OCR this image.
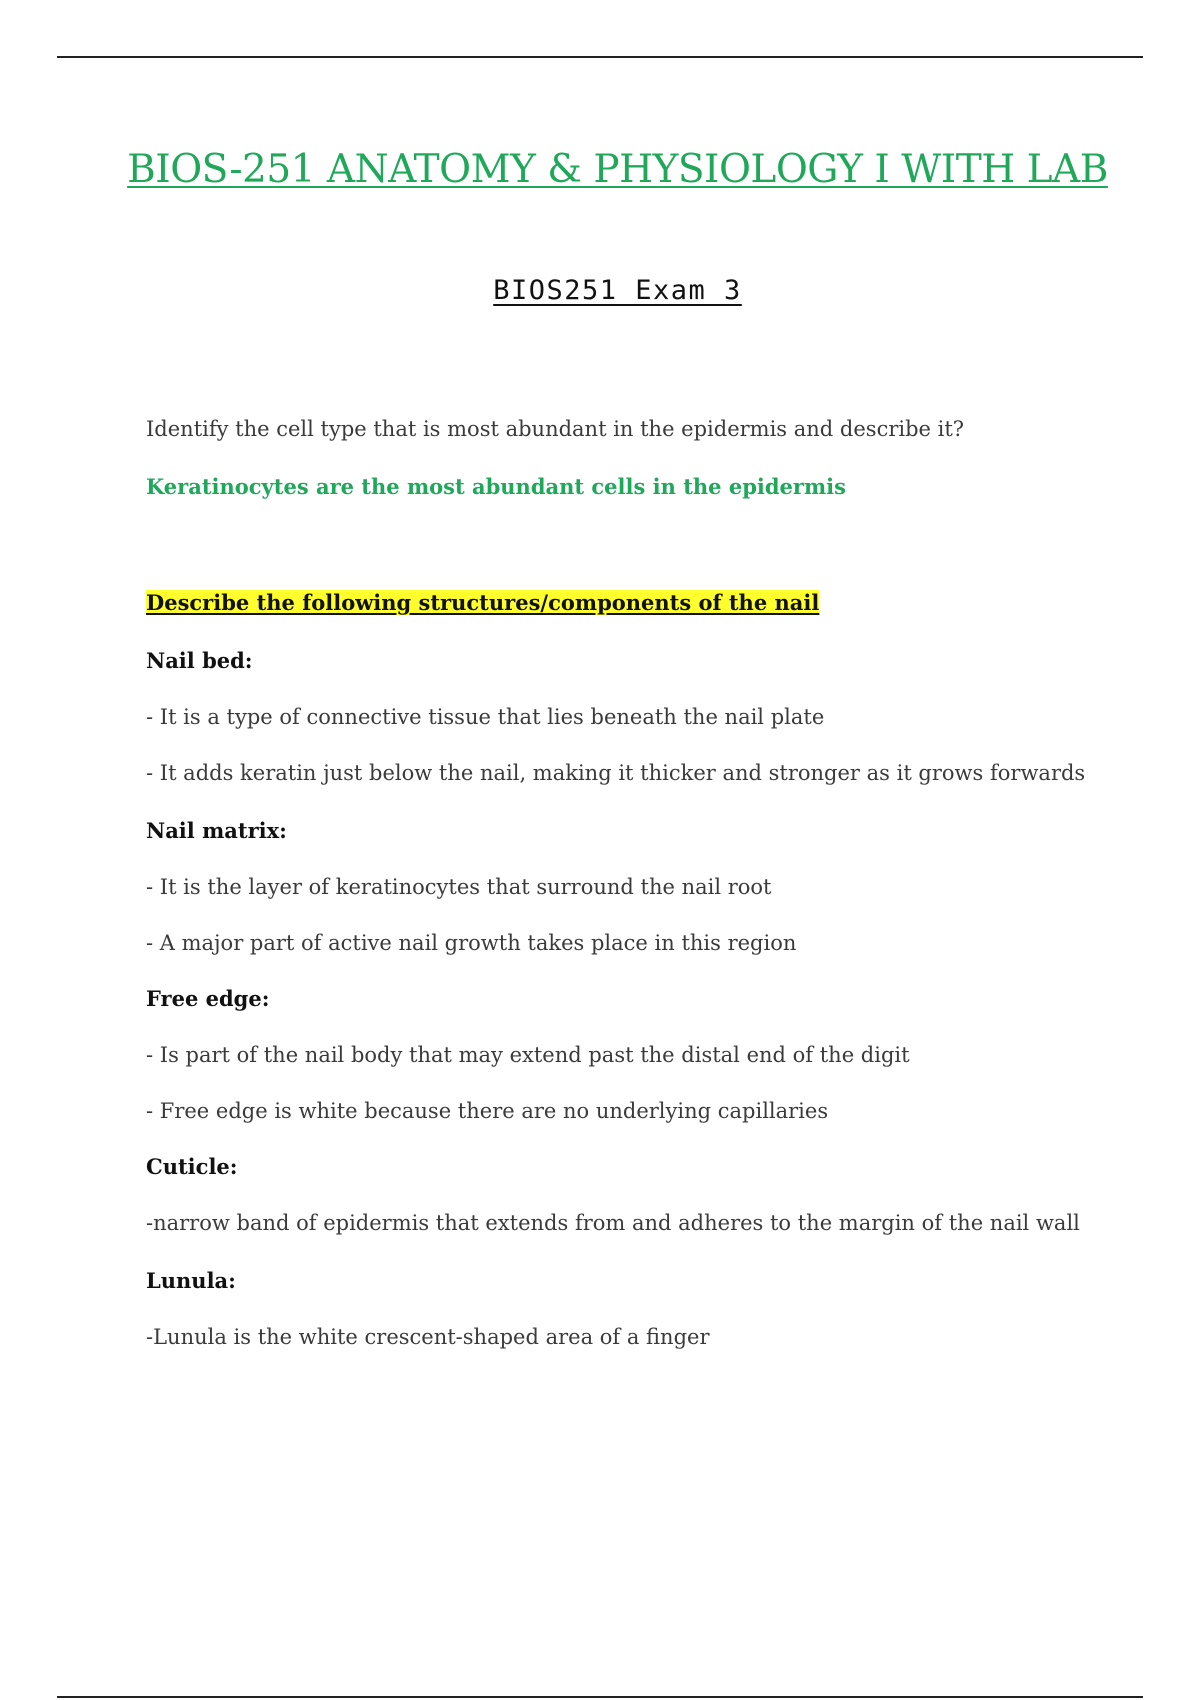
BIOS-251 ANATOMY & PHYSIOLOGY I WITH LAB
BIOS251 Exam 3

Identify the cell type that is most abundant in the epidermis and describe it?

Keratinocytes are the most abundant cells in the epidermis

Describe the following structures/components of the nail

Nail bed:

- It is a type of connective tissue that lies beneath the nail plate

- It adds keratin just below the nail, making it thicker and stronger as it grows forwards

Nail matrix:

- It is the layer of keratinocytes that surround the nail root

- A major part of active nail growth takes place in this region

Free edge:

- Is part of the nail body that may extend past the distal end of the digit

- Free edge is white because there are no underlying capillaries

Cuticle:

-narrow band of epidermis that extends from and adheres to the margin of the nail wall

Lunula:

-Lunula is the white crescent-shaped area of a finger
